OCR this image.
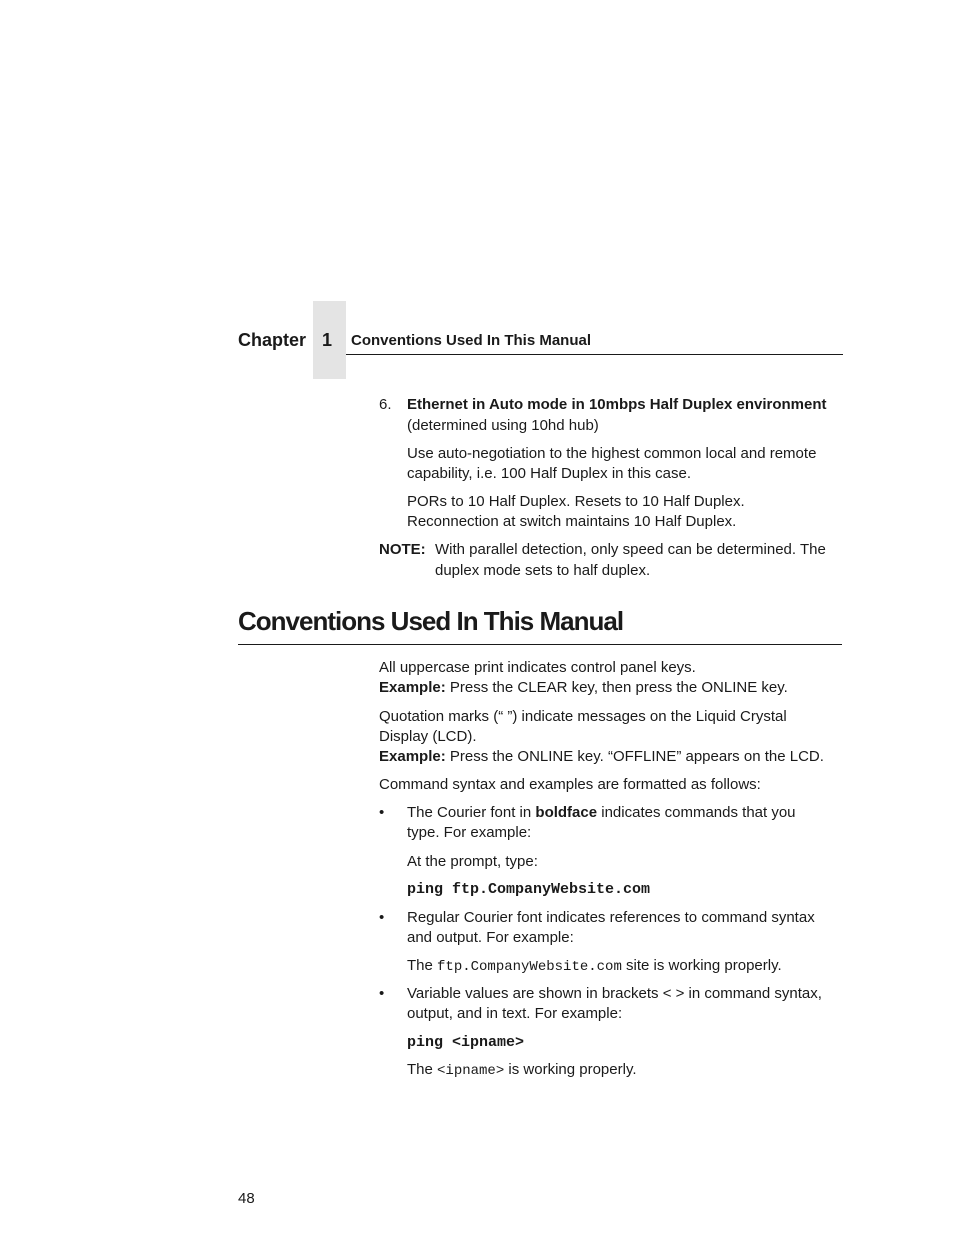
Chapter 1	Conventions Used In This Manual
6. Ethernet in Auto mode in 10mbps Half Duplex environment
(determined using 10hd hub)
Use auto-negotiation to the highest common local and remote
capability, i.e. 100 Half Duplex in this case.
PORs to 10 Half Duplex. Resets to 10 Half Duplex.
Reconnection at switch maintains 10 Half Duplex.
NOTE: With parallel detection, only speed can be determined. The
duplex mode sets to half duplex.
Conventions Used In This Manual
All uppercase print indicates control panel keys.
Example: Press the CLEAR key, then press the ONLINE key.
Quotation marks (“ ”) indicate messages on the Liquid Crystal
Display (LCD).
Example: Press the ONLINE key. “OFFLINE” appears on the LCD.
Command syntax and examples are formatted as follows:
• The Courier font in boldface indicates commands that you
type. For example:
At the prompt, type:
ping ftp.CompanyWebsite.com
• Regular Courier font indicates references to command syntax
and output. For example:
The ftp.CompanyWebsite.com site is working properly.
• Variable values are shown in brackets < > in command syntax,
output, and in text. For example:
ping <ipname>
The <ipname> is working properly.
48
